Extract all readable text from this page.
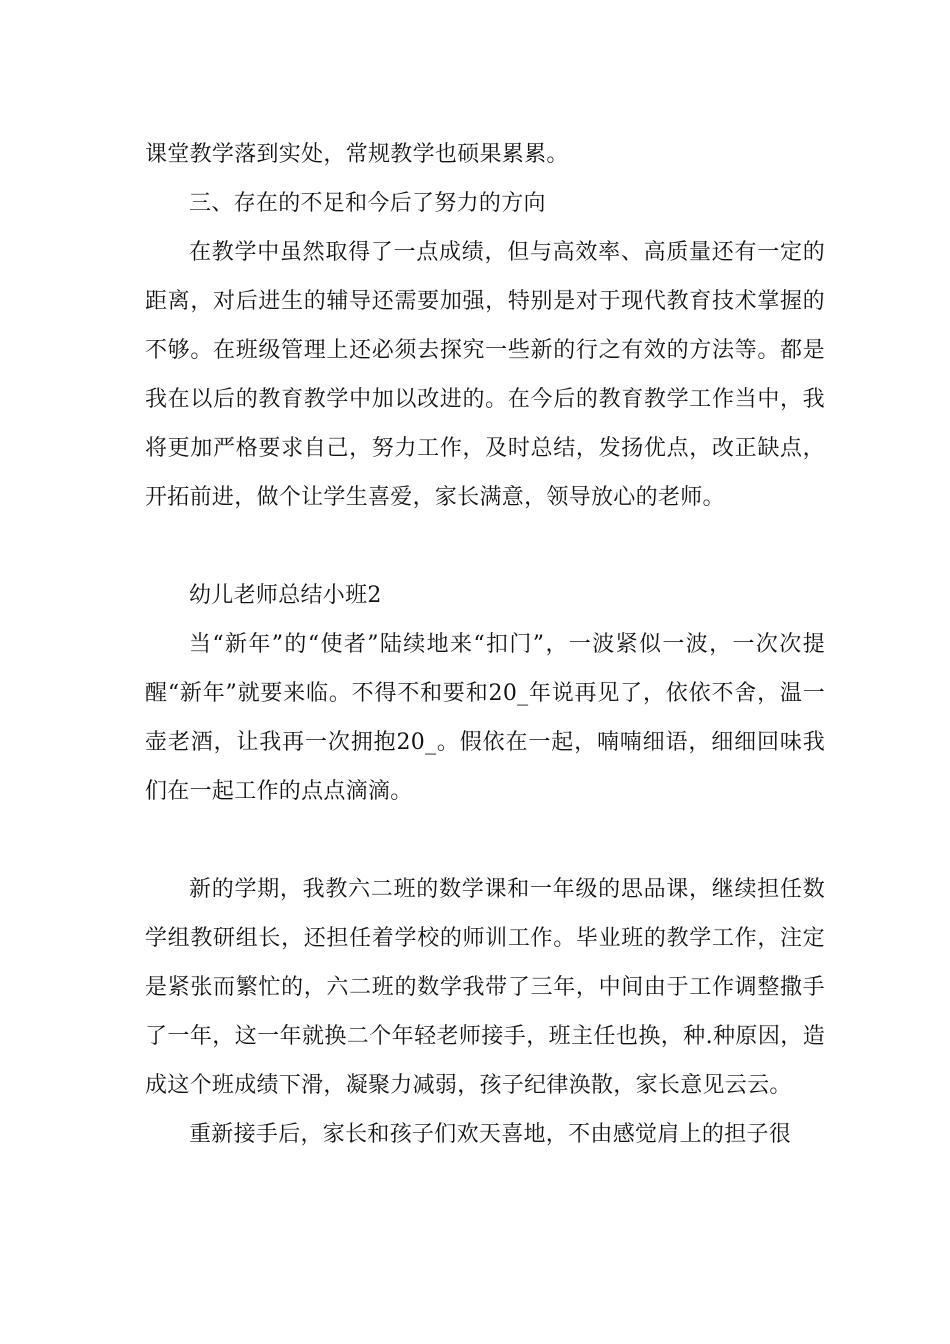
课堂教学落到实处，常规教学也硕果累累。

三、存在的不足和今后了努力的方向

在教学中虽然取得了一点成绩，但与高效率、高质量还有一定的距离，对后进生的辅导还需要加强，特别是对于现代教育技术掌握的不够。在班级管理上还必须去探究一些新的行之有效的方法等。都是我在以后的教育教学中加以改进的。在今后的教育教学工作当中，我将更加严格要求自己，努力工作，及时总结，发扬优点，改正缺点，开拓前进，做个让学生喜爱，家长满意，领导放心的老师。

幼儿老师总结小班2

当“新年”的“使者”陆续地来“扣门”，一波紧似一波，一次次提醒“新年”就要来临。不得不和要和20_年说再见了，依依不舍，温一壶老酒，让我再一次拥抱20_。假依在一起，喃喃细语，细细回味我们在一起工作的点点滴滴。

新的学期，我教六二班的数学课和一年级的思品课，继续担任数学组教研组长，还担任着学校的师训工作。毕业班的教学工作，注定是紧张而繁忙的，六二班的数学我带了三年，中间由于工作调整撒手了一年，这一年就换二个年轻老师接手，班主任也换，种.种原因，造成这个班成绩下滑，凝聚力减弱，孩子纪律涣散，家长意见云云。

重新接手后，家长和孩子们欢天喜地，不由感觉肩上的担子很
